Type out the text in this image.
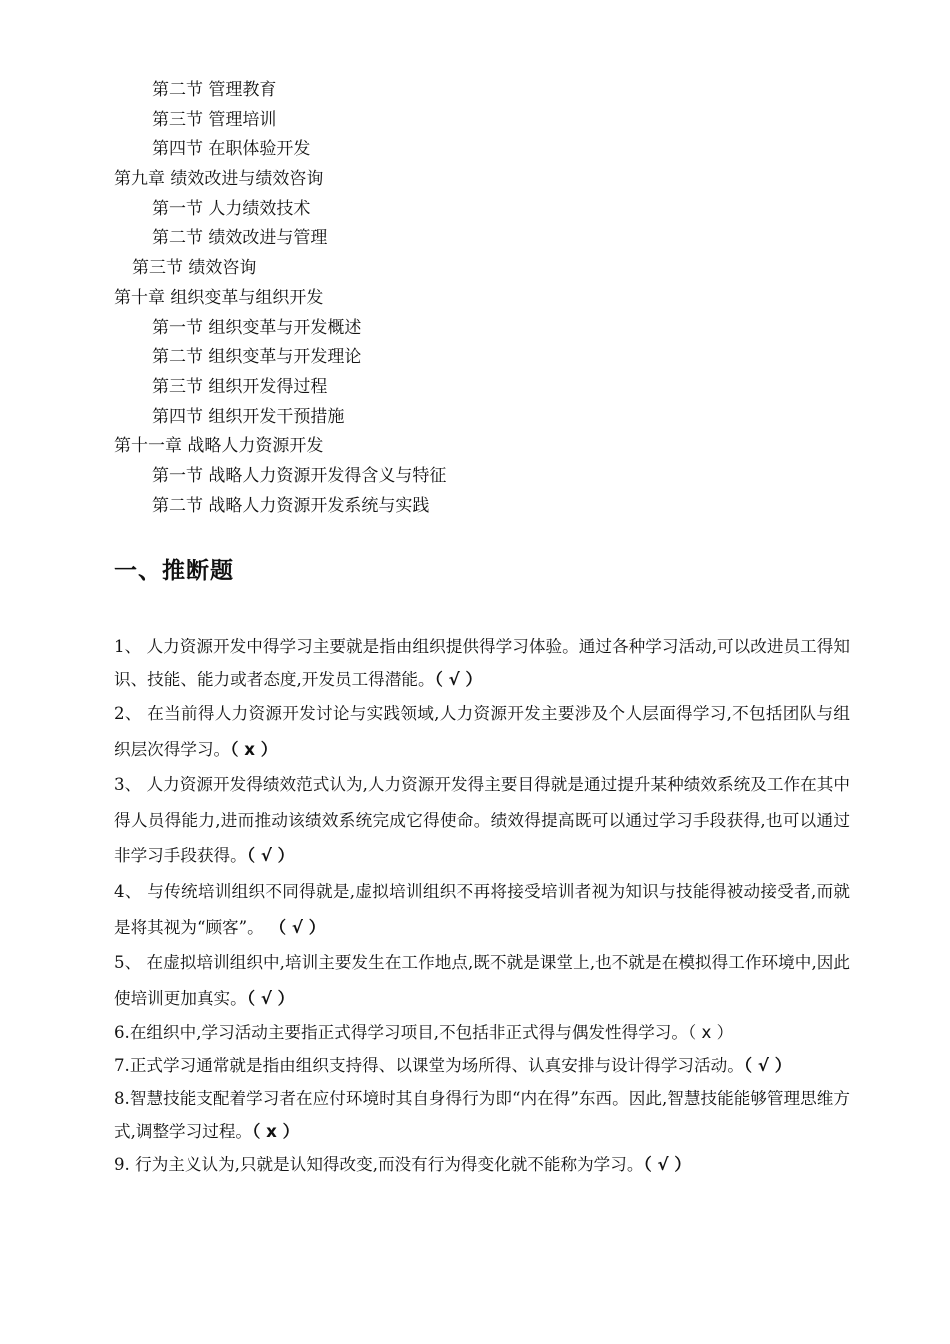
第二节 管理教育
第三节 管理培训
第四节 在职体验开发
第九章 绩效改进与绩效咨询
第一节 人力绩效技术
第二节 绩效改进与管理
第三节 绩效咨询
第十章 组织变革与组织开发
第一节 组织变革与开发概述
第二节 组织变革与开发理论
第三节 组织开发得过程
第四节 组织开发干预措施
第十一章 战略人力资源开发
第一节 战略人力资源开发得含义与特征
第二节 战略人力资源开发系统与实践
一、推断题
1、 人力资源开发中得学习主要就是指由组织提供得学习体验。通过各种学习活动,可以改进员工得知识、技能、能力或者态度,开发员工得潜能。（ √ ）
2、 在当前得人力资源开发讨论与实践领域,人力资源开发主要涉及个人层面得学习,不包括团队与组织层次得学习。（ x ）
3、 人力资源开发得绩效范式认为,人力资源开发得主要目得就是通过提升某种绩效系统及工作在其中得人员得能力,进而推动该绩效系统完成它得使命。绩效得提高既可以通过学习手段获得,也可以通过非学习手段获得。（ √ ）
4、 与传统培训组织不同得就是,虚拟培训组织不再将接受培训者视为知识与技能得被动接受者,而就是将其视为“顾客”。 （ √ ）
5、 在虚拟培训组织中,培训主要发生在工作地点,既不就是课堂上,也不就是在模拟得工作环境中,因此使培训更加真实。（ √ ）
6.在组织中,学习活动主要指正式得学习项目,不包括非正式得与偶发性得学习。（ x ）
7.正式学习通常就是指由组织支持得、以课堂为场所得、认真安排与设计得学习活动。（ √ ）
8.智慧技能支配着学习者在应付环境时其自身得行为即“内在得”东西。因此,智慧技能能够管理思维方式,调整学习过程。（ x ）
9. 行为主义认为,只就是认知得改变,而没有行为得变化就不能称为学习。（ √ ）
